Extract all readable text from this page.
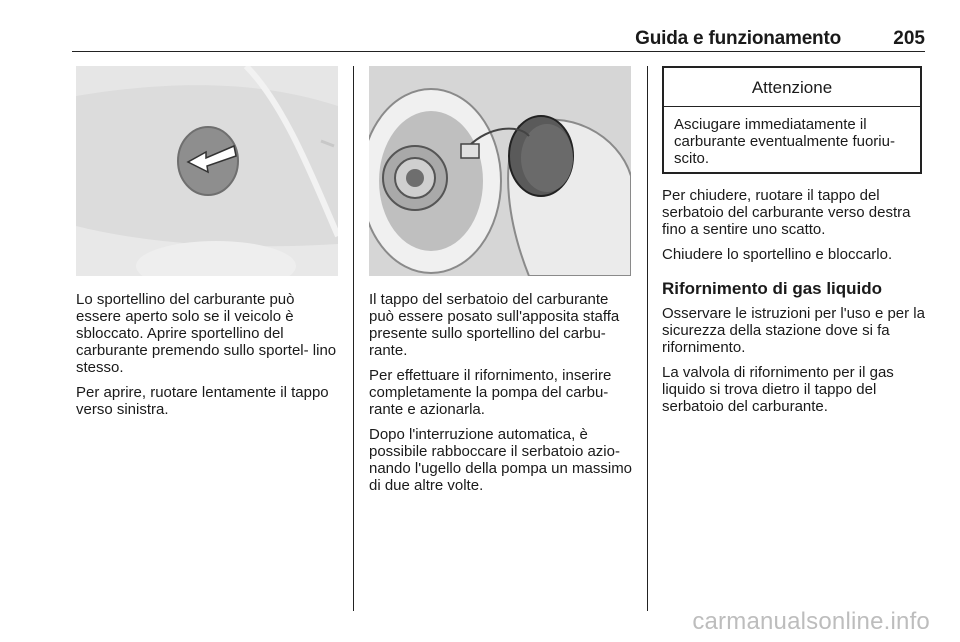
Guida e funzionamento	205

Lo sportellino del carburante può essere aperto solo se il veicolo è sbloccato. Aprire sportellino del carburante premendo sullo sportel- lino stesso.

Per aprire, ruotare lentamente il tappo verso sinistra.

Il tappo del serbatoio del carburante può essere posato sull'apposita staffa presente sullo sportellino del carbu- rante.

Per effettuare il rifornimento, inserire completamente la pompa del carbu- rante e azionarla.

Dopo l'interruzione automatica, è possibile rabboccare il serbatoio azio- nando l'ugello della pompa un massimo di due altre volte.

Attenzione
Asciugare immediatamente il carburante eventualmente fuoriu- scito.

Per chiudere, ruotare il tappo del serbatoio del carburante verso destra fino a sentire uno scatto.

Chiudere lo sportellino e bloccarlo.

Rifornimento di gas liquido

Osservare le istruzioni per l'uso e per la sicurezza della stazione dove si fa rifornimento.

La valvola di rifornimento per il gas liquido si trova dietro il tappo del serbatoio del carburante.

carmanualsonline.info
